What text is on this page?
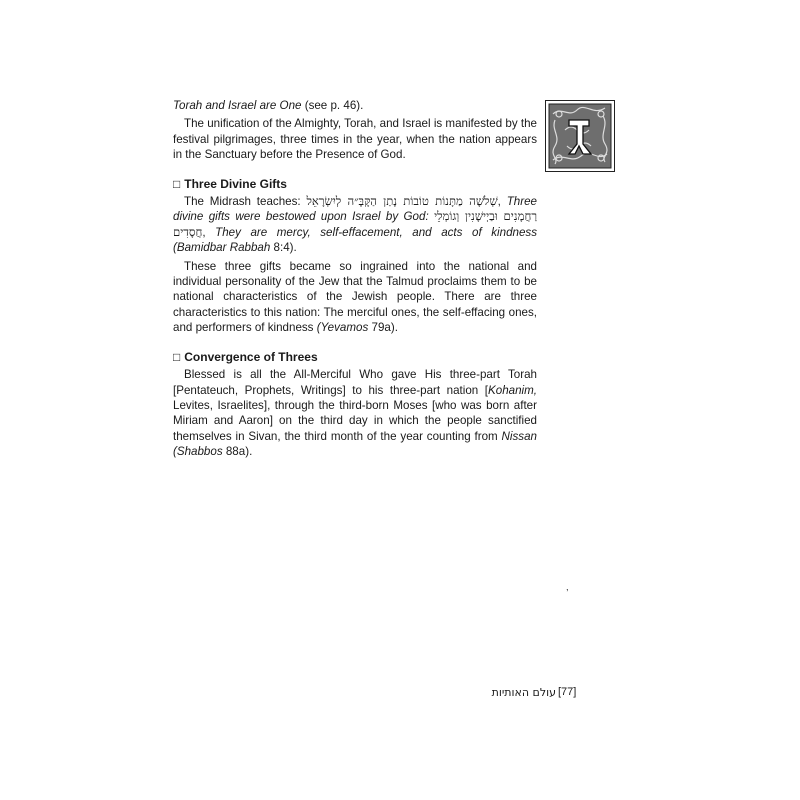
Torah and Israel are One (see p. 46).

The unification of the Almighty, Torah, and Israel is manifested by the festival pilgrimages, three times in the year, when the nation appears in the Sanctuary before the Presence of God.

□ Three Divine Gifts

The Midrash teaches: שְׁלֹשָׁה מַתָּנוֹת טוֹבוֹת נָתַן הַקָּבָּ״ה לְיִשְׂרָאֵל, Three divine gifts were bestowed upon Israel by God: רַחֲמָנִים וּבַיְישָׁנִין וְגוֹמְלֵי חֲסָדִים, They are mercy, self-effacement, and acts of kindness (Bamidbar Rabbah 8:4).

These three gifts became so ingrained into the national and individual personality of the Jew that the Talmud proclaims them to be national characteristics of the Jewish people. There are three characteristics to this nation: The merciful ones, the self-effacing ones, and performers of kindness (Yevamos 79a).

□ Convergence of Threes

Blessed is all the All-Merciful Who gave His three-part Torah [Pentateuch, Prophets, Writings] to his three-part nation [Kohanim, Levites, Israelites], through the third-born Moses [who was born after Miriam and Aaron] on the third day in which the people sanctified themselves in Sivan, the third month of the year counting from Nissan (Shabbos 88a).

,
עולם האותיות [77]
